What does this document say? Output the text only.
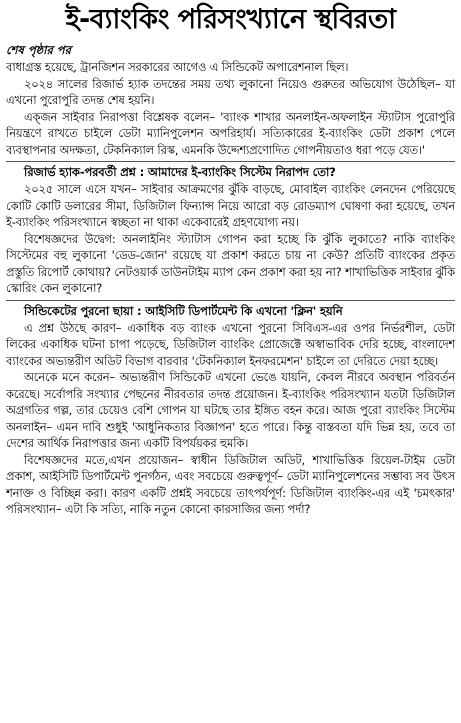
ই-ব্যাংকিং পরিসংখ্যানে স্থবিরতা
শেষ পৃষ্ঠার পর

বাধাগ্রস্ত হয়েছে, ট্রানজিশন সরকারের আগেও এ সিন্ডিকেট অপারেশনাল ছিল।

২০২৪ সালের রিজার্ভ হ্যাক তদন্তের সময় তথ্য লুকানো নিয়েও গুরুতর অভিযোগ উঠেছিল– যা এখনো পুরোপুরি তদন্ত শেষ হয়নি।

এক্জন সাইবার নিরাপত্তা বিশ্লেষক বলেন– 'ব্যাংক শাখার অনলাইন-অফলাইন স্ট্যাটাস পুরোপুরি নিয়ন্ত্রণে রাখতে চাইলে ডেটা ম্যানিপুলেশন অপরিহার্য। সত্যিকারের ই-ব্যাংকিং ডেটা প্রকাশ পেলে ব্যবস্থাপনার অদক্ষতা, টেকনিক্যাল রিস্ক, এমনকি উদ্দেশ্যপ্রণোদিত গোপনীয়তাও ধরা পড়ে যেত।'

রিজার্ভ হ্যাক-পরবর্তী প্রশ্ন : আমাদের ই-ব্যাংকিং সিস্টেম নিরাপদ তো?

২০২৫ সালে এসে যখন– সাইবার আক্রমণের ঝুঁকি বাড়ছে, মোবাইল ব্যাংকিং লেনদেন পেরিয়েছে কোটি কোটি ডলারের সীমা, ডিজিটাল ফিন্যান্স নিয়ে আরো বড় রোডম্যাপ ঘোষণা করা হয়েছে, তখন ই-ব্যাংকিং পরিসংখ্যানে স্বচ্ছতা না থাকা একেবারেই গ্রহণযোগ্য নয়।

বিশেষজ্ঞদের উদ্বেগ: অনলাইনিং স্ট্যাটাস গোপন করা হচ্ছে কি ঝুঁকি লুকাতে? নাকি ব্যাংকিং সিস্টেমের বহু লুকানো 'ডেড-জোন' রয়েছে যা প্রকাশ করতে চায় না কেউ? প্রতিটি ব্যাংকের প্রকৃত প্রস্তুতি রিপোর্ট কোথায়? নেটওয়ার্ক ডাউনটাইম ম্যাপ কেন প্রকাশ করা হয় না? শাখাভিত্তিক সাইবার ঝুঁকি স্কোরিং কেন লুকানো?

সিন্ডিকেটের পুরনো ছায়া : আইসিটি ডিপার্টমেন্ট কি এখনো 'ক্লিন' হয়নি

এ প্রশ্ন উঠছে কারণ– একাধিক বড় ব্যাংক এখনো পুরনো সিবিএস-এর ওপর নির্ভরশীল, ডেটা লিকের একাধিক ঘটনা চাপা পড়েছে, ডিজিটাল ব্যাংকিং প্রোজেক্টে অস্বাভাবিক দেরি হচ্ছে, বাংলাদেশ ব্যাংকের অভ্যন্তরীণ অডিট বিভাগ বারবার 'টেকনিক্যাল ইনফরমেশন' চাইলে তা দেরিতে দেয়া হচ্ছে।

অনেকে মনে করেন– অভ্যন্তরীণ সিন্ডিকেট এখনো ভেঙে যায়নি, কেবল নীরবে অবস্থান পরিবর্তন করেছে। সর্বোপরি সংখ্যার পেছনের নীরবতার তদন্ত প্রয়োজন। ই-ব্যাংকিং পরিসংখ্যান যতটা ডিজিটাল অগ্রগতির গল্প, তার চেয়েও বেশি গোপন যা ঘটছে তার ইঙ্গিত বহন করে। আজ পুরো ব্যাংকিং সিস্টেম অনলাইন– এমন দাবি শুধুই 'আধুনিকতার বিজ্ঞাপন' হতে পারে। কিন্তু বাস্তবতা যদি ভিন্ন হয়, তবে তা দেশের আর্থিক নিরাপত্তার জন্য একটি বিপর্যয়কর হুমকি।

বিশেষজ্ঞদের মতে,এখন প্রয়োজন– স্বাধীন ডিজিটাল অডিট, শাখাভিত্তিক রিয়েল-টাইম ডেটা প্রকাশ, আইসিটি ডিপার্টমেন্ট পুনর্গঠন, এবং সবচেয়ে গুরুত্বপূর্ণ– ডেটা ম্যানিপুলেশনের সম্ভাব্য সব উৎস শনাক্ত ও বিচ্ছিন্ন করা। কারণ একটি প্রশ্নই সবচেয়ে তাৎপর্যপূর্ণ: ডিজিটাল ব্যাংকিং-এর এই 'চমৎকার' পরিসংখ্যান– এটা কি সত্যি, নাকি নতুন কোনো কারসাজির জন্য পর্দা?
